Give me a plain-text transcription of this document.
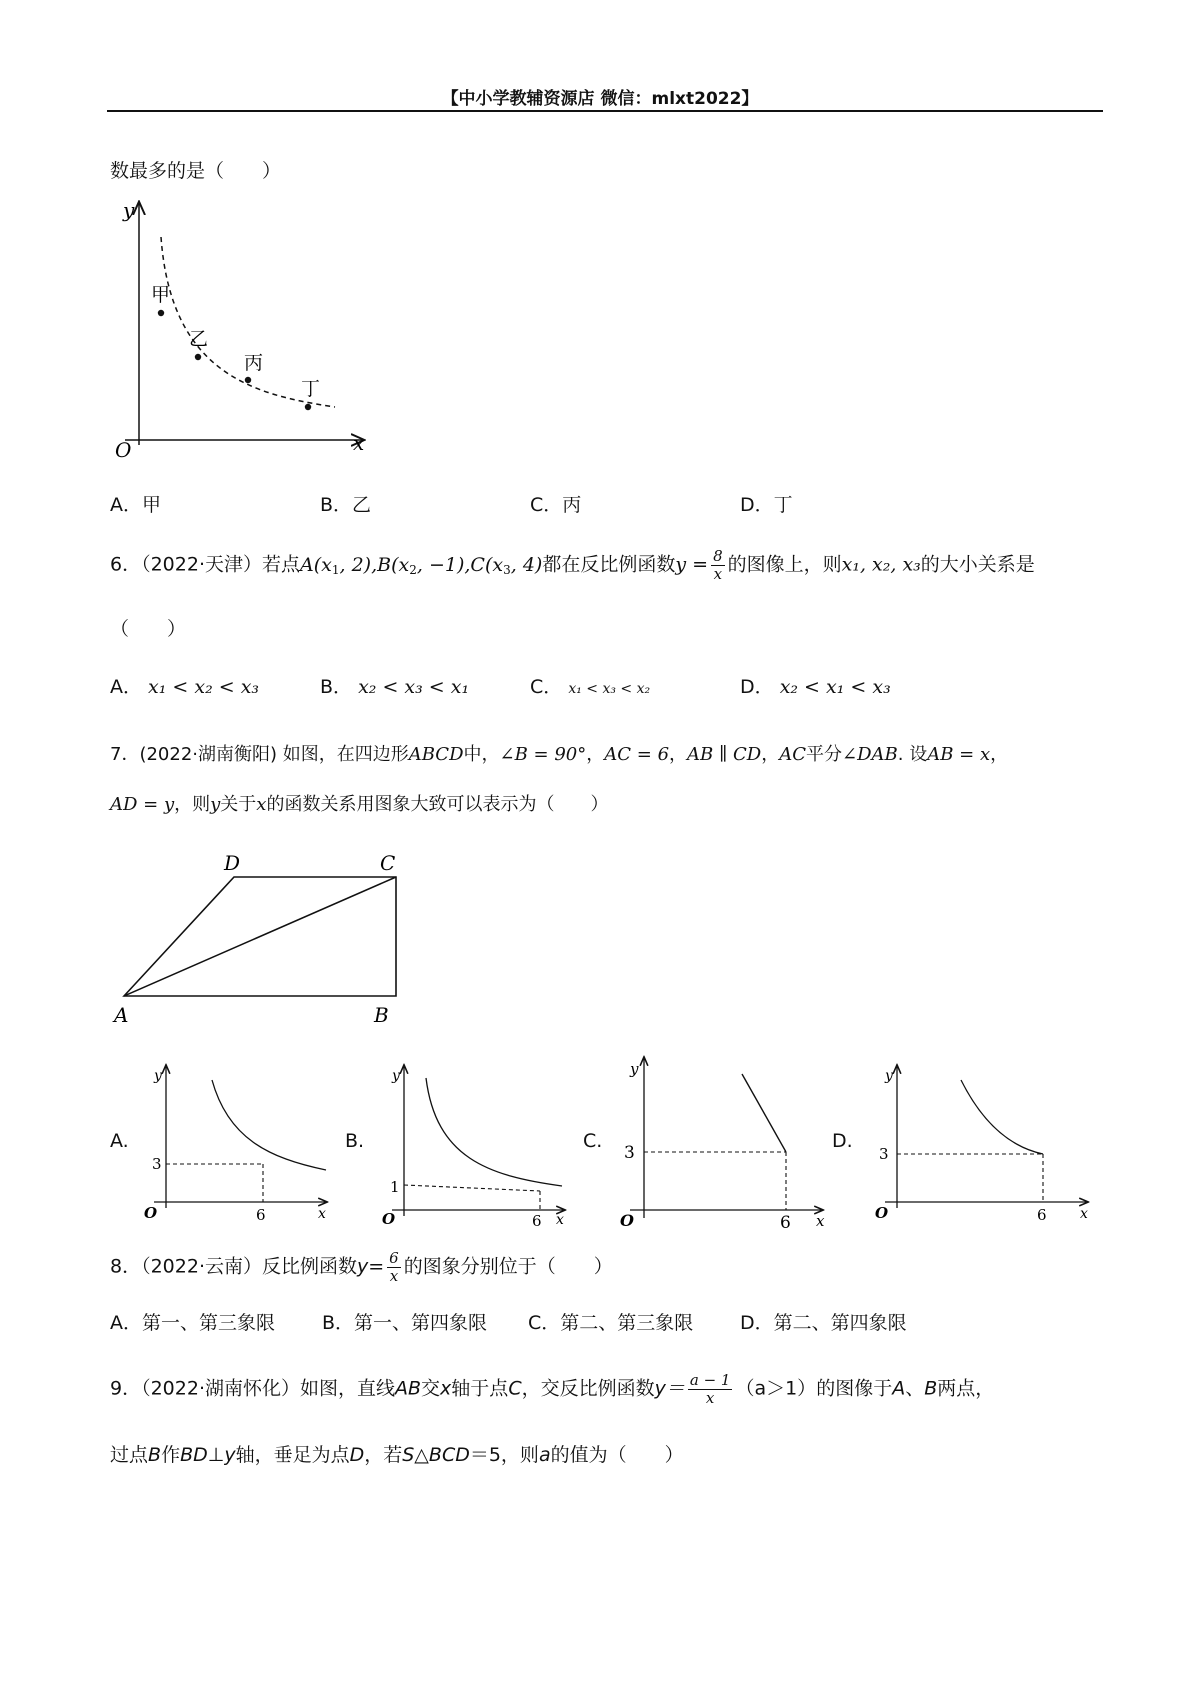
【中小学教辅资源店 微信：mlxt2022】
数最多的是（　　）
y
x
O
甲
乙
丙
丁
A．甲	B．乙	C．丙	D．丁
6．（2022·天津）若点$A(x_1$, $2),B(x_2$, $-1),C(x_3$, 4)都在反比例函数$y = \frac{8}{x}$ 的图像上，则x₁, x₂, x₃的大小关系是
（　　）
A． x₁ < x₂ < x₃	B． x₂ < x₃ < x₁	C． x₁ < x₃ < x₂	D． x₂ < x₁ < x₃
7．(2022·湖南衡阳) 如图，在四边形ABCD中，∠B = 90°，AC = 6，AB ∥ CD，AC平分∠DAB. 设AB = x，
AD = y，则y关于x的函数关系用图象大致可以表示为（　　）
A	B
C
D
A.
y
x
O
3
6
B.
y
x
O
1
6
C.
y
x
O
3
6
D.
y
x
O
3
6
8．（2022·云南）反比例函数$y= \frac{6}{x}$ 的图象分别位于（　　）
A．第一、第三象限 B．第一、第四象限 C．第二、第三象限 D．第二、第四象限
9．（2022·湖南怀化）如图，直线AB交x轴于点C，交反比例函数$y= \frac{a - 1}{x} (a>1)$的图像于A、B两点，
过点B作BD⊥y轴，垂足为点D，若S△BCD＝5，则a的值为（　　）
